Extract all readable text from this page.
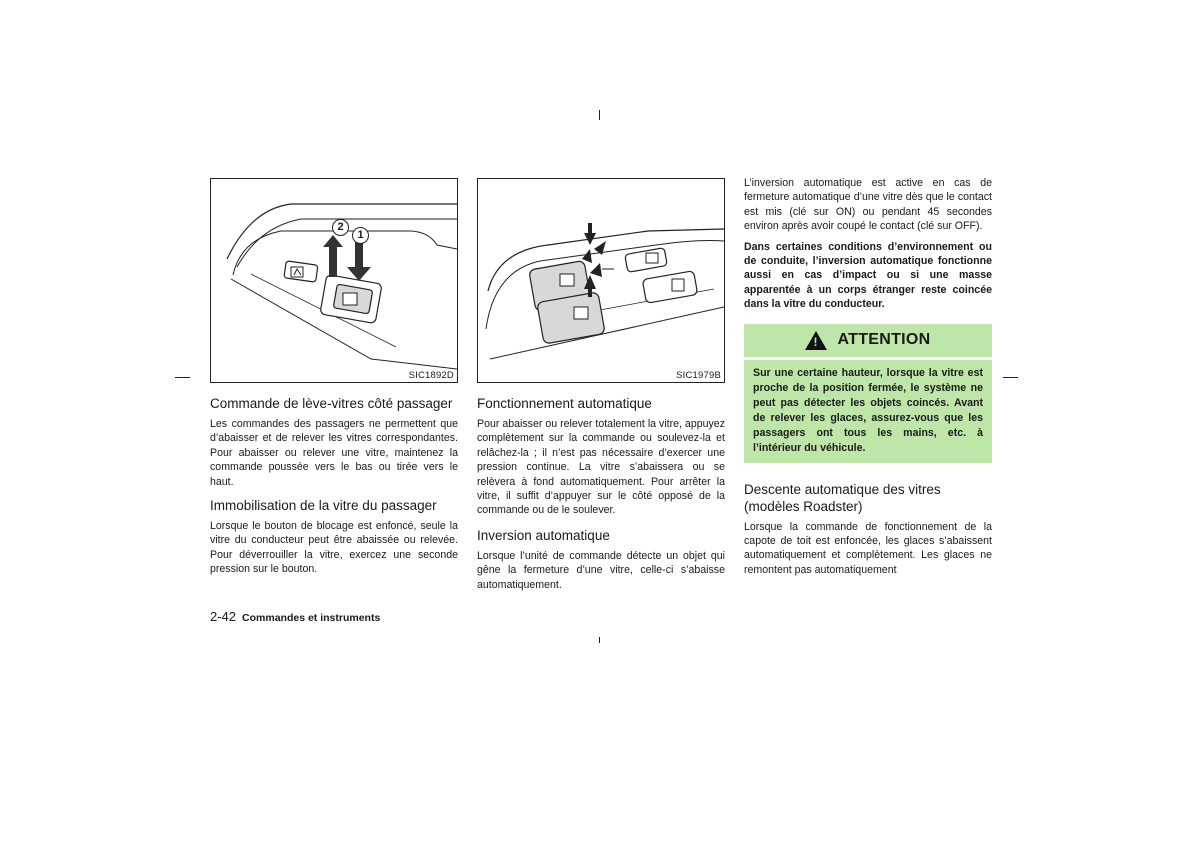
2
1
SIC1892D
Commande de lève-vitres côté passager

Les commandes des passagers ne permettent que d’abaisser et de relever les vitres correspondantes. Pour abaisser ou relever une vitre, maintenez la commande poussée vers le bas ou tirée vers le haut.

Immobilisation de la vitre du passager

Lorsque le bouton de blocage est enfoncé, seule la vitre du conducteur peut être abaissée ou relevée. Pour déverrouiller la vitre, exercez une seconde pression sur le bouton.

SIC1979B
Fonctionnement automatique

Pour abaisser ou relever totalement la vitre, appuyez complètement sur la commande ou soulevez-la et relâchez-la ; il n’est pas nécessaire d’exercer une pression continue. La vitre s’abaissera ou se relèvera à fond automatiquement. Pour arrêter la vitre, il suffit d’appuyer sur le côté opposé de la commande ou de le soulever.

Inversion automatique

Lorsque l’unité de commande détecte un objet qui gêne la fermeture d’une vitre, celle-ci s’abaisse automatiquement.

L’inversion automatique est active en cas de fermeture automatique d’une vitre dès que le contact est mis (clé sur ON) ou pendant 45 secondes environ après avoir coupé le contact (clé sur OFF).

Dans certaines conditions d’environnement ou de conduite, l’inversion automatique fonctionne aussi en cas d’impact ou si une masse apparentée à un corps étranger reste coincée dans la vitre du conducteur.

! ATTENTION

Sur une certaine hauteur, lorsque la vitre est proche de la position fermée, le système ne peut pas détecter les objets coincés. Avant de relever les glaces, assurez-vous que les passagers ont tous les mains, etc. à l’intérieur du véhicule.

Descente automatique des vitres (modèles Roadster)

Lorsque la commande de fonctionnement de la capote de toit est enfoncée, les glaces s’abaissent automatiquement et complètement. Les glaces ne remontent pas automatiquement

2-42 Commandes et instruments
